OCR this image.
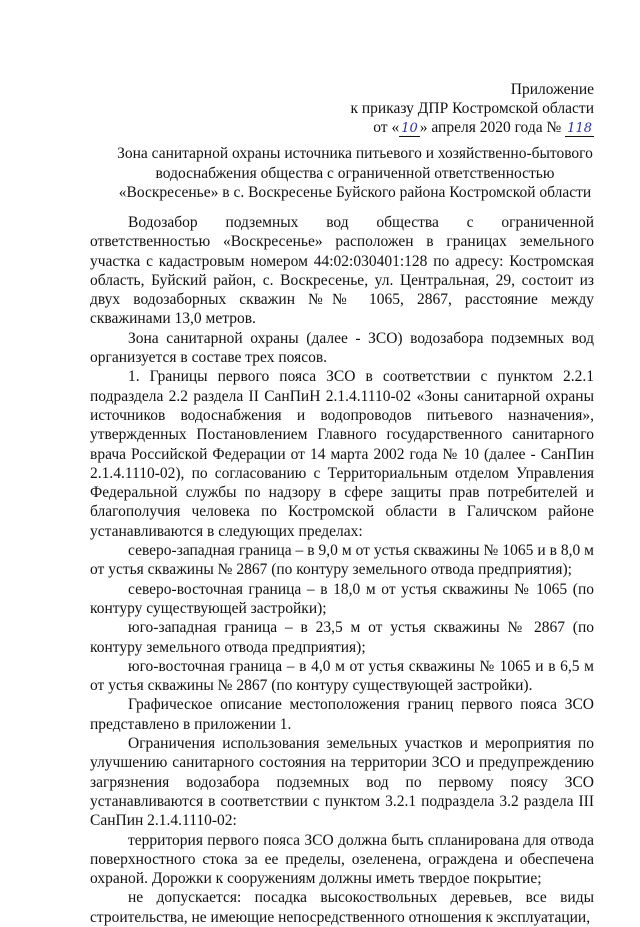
Приложение
к приказу ДПР Костромской области
от « 10 » апреля 2020 года № 118
Зона санитарной охраны источника питьевого и хозяйственно-бытового водоснабжения общества с ограниченной ответственностью «Воскресенье» в с. Воскресенье Буйского района Костромской области

Водозабор подземных вод общества с ограниченной ответственностью «Воскресенье» расположен в границах земельного участка с кадастровым номером 44:02:030401:128 по адресу: Костромская область, Буйский район, с. Воскресенье, ул. Центральная, 29, состоит из двух водозаборных скважин №№ 1065, 2867, расстояние между скважинами 13,0 метров.

Зона санитарной охраны (далее - ЗСО) водозабора подземных вод организуется в составе трех поясов.

1. Границы первого пояса ЗСО в соответствии с пунктом 2.2.1 подраздела 2.2 раздела II СанПиН 2.1.4.1110-02 «Зоны санитарной охраны источников водоснабжения и водопроводов питьевого назначения», утвержденных Постановлением Главного государственного санитарного врача Российской Федерации от 14 марта 2002 года № 10 (далее - СанПин 2.1.4.1110-02), по согласованию с Территориальным отделом Управления Федеральной службы по надзору в сфере защиты прав потребителей и благополучия человека по Костромской области в Галичском районе устанавливаются в следующих пределах:

северо-западная граница – в 9,0 м от устья скважины № 1065 и в 8,0 м от устья скважины № 2867 (по контуру земельного отвода предприятия);

северо-восточная граница – в 18,0 м от устья скважины № 1065 (по контуру существующей застройки);

юго-западная граница – в 23,5 м от устья скважины № 2867 (по контуру земельного отвода предприятия);

юго-восточная граница – в 4,0 м от устья скважины № 1065 и в 6,5 м от устья скважины № 2867 (по контуру существующей застройки).

Графическое описание местоположения границ первого пояса ЗСО представлено в приложении 1.

Ограничения использования земельных участков и мероприятия по улучшению санитарного состояния на территории ЗСО и предупреждению загрязнения водозабора подземных вод по первому поясу ЗСО устанавливаются в соответствии с пунктом 3.2.1 подраздела 3.2 раздела III СанПин 2.1.4.1110-02:

территория первого пояса ЗСО должна быть спланирована для отвода поверхностного стока за ее пределы, озеленена, ограждена и обеспечена охраной. Дорожки к сооружениям должны иметь твердое покрытие;

не допускается: посадка высокоствольных деревьев, все виды строительства, не имеющие непосредственного отношения к эксплуатации,
